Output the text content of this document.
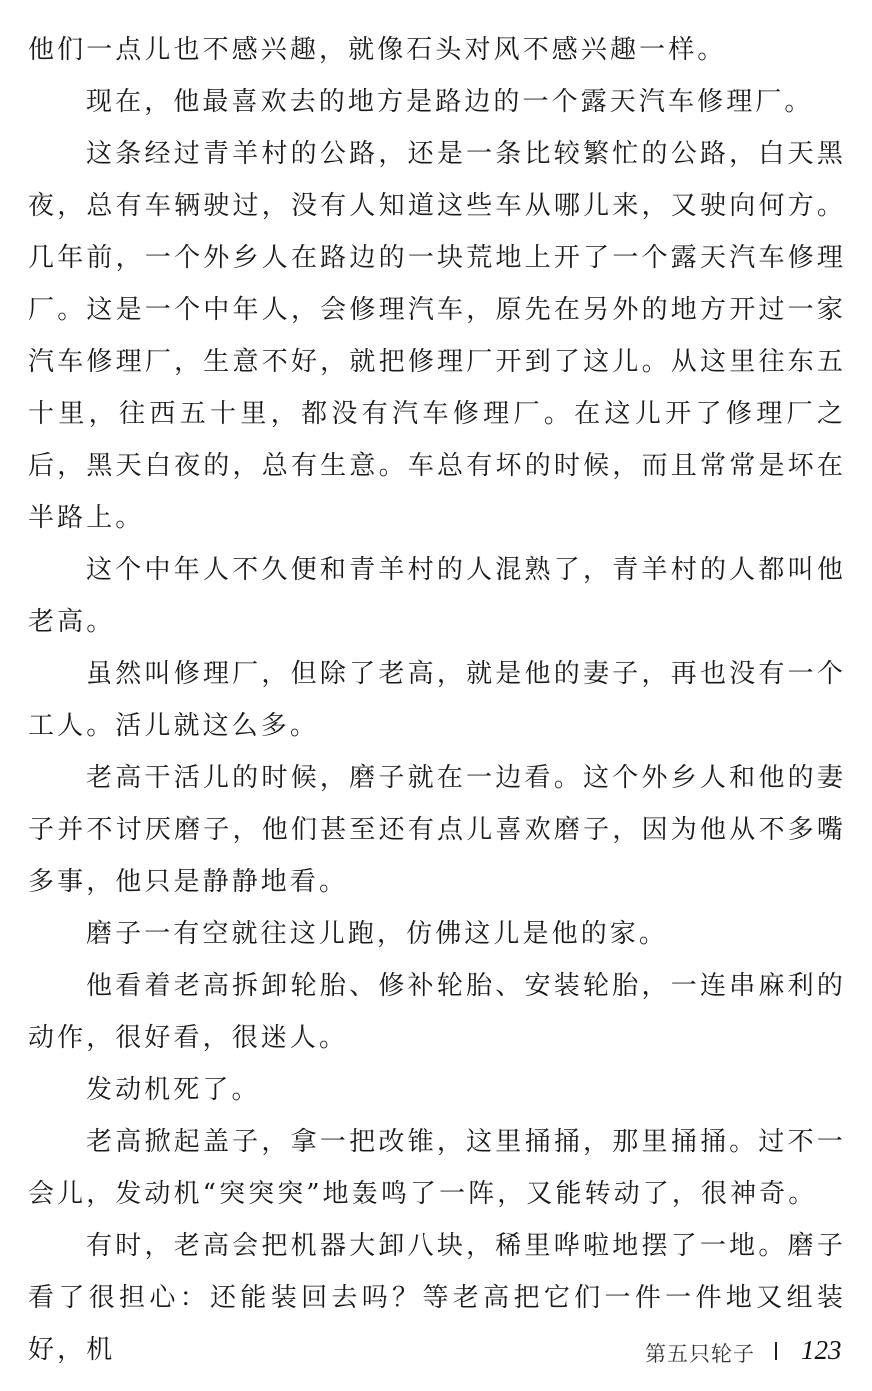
他们一点儿也不感兴趣，就像石头对风不感兴趣一样。

现在，他最喜欢去的地方是路边的一个露天汽车修理厂。

这条经过青羊村的公路，还是一条比较繁忙的公路，白天黑夜，总有车辆驶过，没有人知道这些车从哪儿来，又驶向何方。几年前，一个外乡人在路边的一块荒地上开了一个露天汽车修理厂。这是一个中年人，会修理汽车，原先在另外的地方开过一家汽车修理厂，生意不好，就把修理厂开到了这儿。从这里往东五十里，往西五十里，都没有汽车修理厂。在这儿开了修理厂之后，黑天白夜的，总有生意。车总有坏的时候，而且常常是坏在半路上。

这个中年人不久便和青羊村的人混熟了，青羊村的人都叫他老高。

虽然叫修理厂，但除了老高，就是他的妻子，再也没有一个工人。活儿就这么多。

老高干活儿的时候，磨子就在一边看。这个外乡人和他的妻子并不讨厌磨子，他们甚至还有点儿喜欢磨子，因为他从不多嘴多事，他只是静静地看。

磨子一有空就往这儿跑，仿佛这儿是他的家。

他看着老高拆卸轮胎、修补轮胎、安装轮胎，一连串麻利的动作，很好看，很迷人。

发动机死了。

老高掀起盖子，拿一把改锥，这里捅捅，那里捅捅。过不一会儿，发动机“突突突”地轰鸣了一阵，又能转动了，很神奇。

有时，老高会把机器大卸八块，稀里哗啦地摆了一地。磨子看了很担心：还能装回去吗？等老高把它们一件一件地又组装好，机	第五只轮子 123
